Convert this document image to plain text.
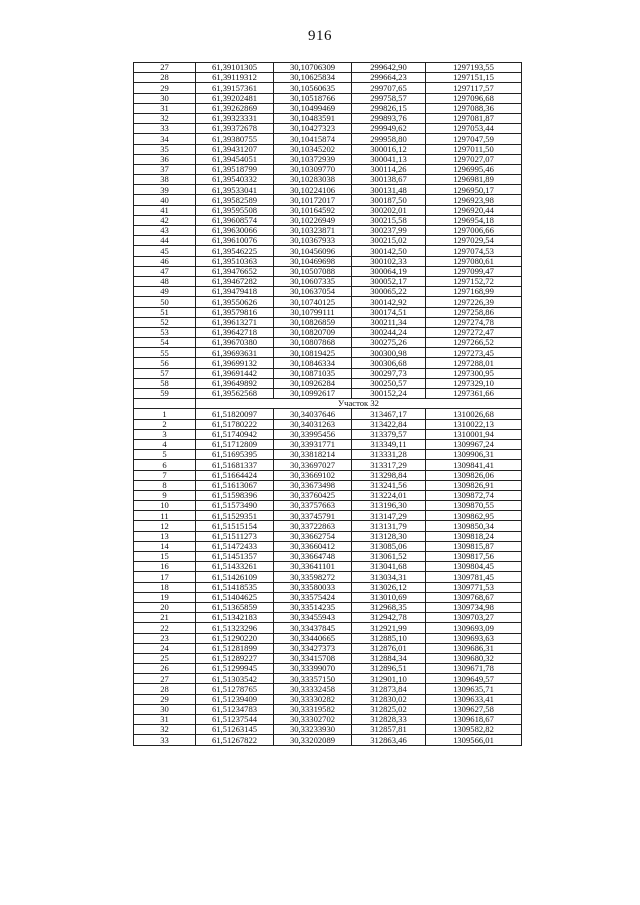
916
27	61,39101305	30,10706309	299642,90	1297193,55
28	61,39119312	30,10625834	299664,23	1297151,15
29	61,39157361	30,10560635	299707,65	1297117,57
30	61,39202481	30,10518766	299758,57	1297096,68
31	61,39262869	30,10499469	299826,15	1297088,36
32	61,39323331	30,10483591	299893,76	1297081,87
33	61,39372678	30,10427323	299949,62	1297053,44
34	61,39380755	30,10415874	299958,80	1297047,59
35	61,39431207	30,10345202	300016,12	1297011,50
36	61,39454051	30,10372939	300041,13	1297027,07
37	61,39518799	30,10309770	300114,26	1296995,46
38	61,39540332	30,10283038	300138,67	1296981,89
39	61,39533041	30,10224106	300131,48	1296950,17
40	61,39582589	30,10172017	300187,50	1296923,98
41	61,39595508	30,10164592	300202,01	1296920,44
42	61,39608574	30,10226949	300215,58	1296954,18
43	61,39630066	30,10323871	300237,99	1297006,66
44	61,39610076	30,10367933	300215,02	1297029,54
45	61,39546225	30,10456096	300142,50	1297074,53
46	61,39510363	30,10469698	300102,33	1297080,61
47	61,39476652	30,10507088	300064,19	1297099,47
48	61,39467282	30,10607335	300052,17	1297152,72
49	61,39479418	30,10637054	300065,22	1297168,99
50	61,39550626	30,10740125	300142,92	1297226,39
51	61,39579816	30,10799111	300174,51	1297258,86
52	61,39613271	30,10826859	300211,34	1297274,78
53	61,39642718	30,10820709	300244,24	1297272,47
54	61,39670380	30,10807868	300275,26	1297266,52
55	61,39693631	30,10819425	300300,98	1297273,45
56	61,39699132	30,10846334	300306,68	1297288,01
57	61,39691442	30,10871035	300297,73	1297300,95
58	61,39649892	30,10926284	300250,57	1297329,10
59	61,39562568	30,10992617	300152,24	1297361,66
	Участок 32			
1	61,51820097	30,34037646	313467,17	1310026,68
2	61,51780222	30,34031263	313422,84	1310022,13
3	61,51740942	30,33995456	313379,57	1310001,94
4	61,51712809	30,33931771	313349,11	1309967,24
5	61,51695395	30,33818214	313331,28	1309906,31
6	61,51681337	30,33697027	313317,29	1309841,41
7	61,51664424	30,33669102	313298,84	1309826,06
8	61,51613067	30,33673498	313241,56	1309826,91
9	61,51598396	30,33760425	313224,01	1309872,74
10	61,51573490	30,33757663	313196,30	1309870,55
11	61,51529351	30,33745791	313147,29	1309862,95
12	61,51515154	30,33722863	313131,79	1309850,34
13	61,51511273	30,33662754	313128,30	1309818,24
14	61,51472433	30,33660412	313085,06	1309815,87
15	61,51451357	30,33664748	313061,52	1309817,56
16	61,51433261	30,33641101	313041,68	1309804,45
17	61,51426109	30,33598272	313034,31	1309781,45
18	61,51418535	30,33580033	313026,12	1309771,53
19	61,51404625	30,33575424	313010,69	1309768,67
20	61,51365859	30,33514235	312968,35	1309734,98
21	61,51342183	30,33455943	312942,78	1309703,27
22	61,51323296	30,33437845	312921,99	1309693,09
23	61,51290220	30,33440665	312885,10	1309693,63
24	61,51281899	30,33427373	312876,01	1309686,31
25	61,51289227	30,33415708	312884,34	1309680,32
26	61,51299945	30,33399070	312896,51	1309671,78
27	61,51303542	30,33357150	312901,10	1309649,57
28	61,51278765	30,33332458	312873,84	1309635,71
29	61,51239409	30,33330282	312830,02	1309633,41
30	61,51234783	30,33319582	312825,02	1309627,58
31	61,51237544	30,33302702	312828,33	1309618,67
32	61,51263145	30,33233930	312857,81	1309582,82
33	61,51267822	30,33202089	312863,46	1309566,01
